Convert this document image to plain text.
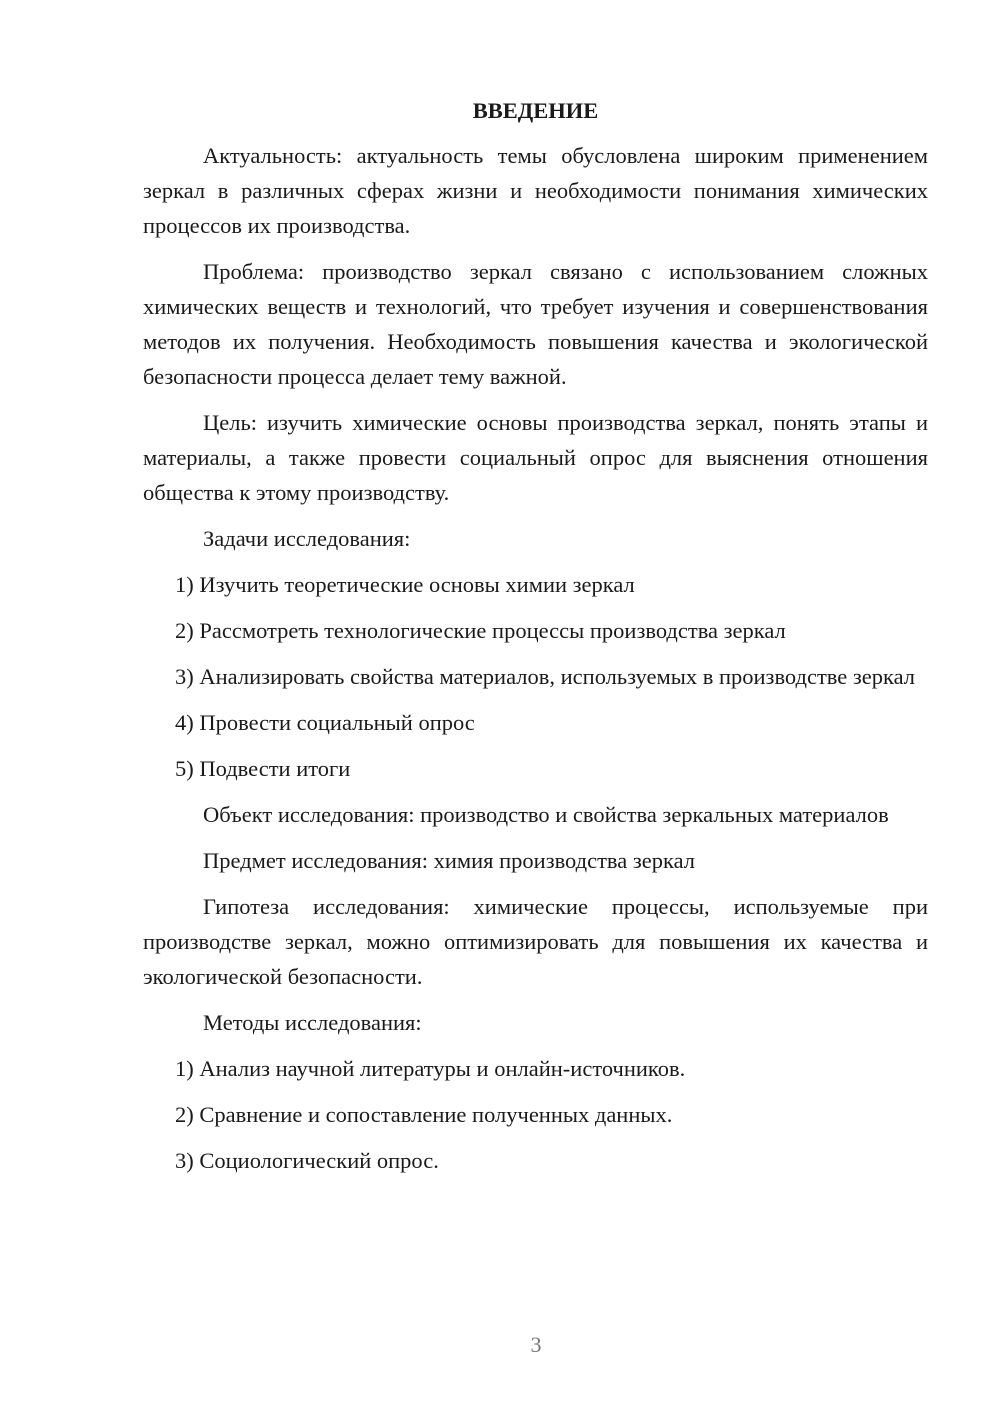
ВВЕДЕНИЕ

Актуальность: актуальность темы обусловлена широким применением зеркал в различных сферах жизни и необходимости понимания химических процессов их производства.

Проблема: производство зеркал связано с использованием сложных химических веществ и технологий, что требует изучения и совершенствования методов их получения. Необходимость повышения качества и экологической безопасности процесса делает тему важной.

Цель: изучить химические основы производства зеркал, понять этапы и материалы, а также провести социальный опрос для выяснения отношения общества к этому производству.

Задачи исследования:

1) Изучить теоретические основы химии зеркал

2) Рассмотреть технологические процессы производства зеркал

3) Анализировать свойства материалов, используемых в производстве зеркал

4) Провести социальный опрос

5) Подвести итоги

Объект исследования: производство и свойства зеркальных материалов

Предмет исследования: химия производства зеркал

Гипотеза исследования: химические процессы, используемые при производстве зеркал, можно оптимизировать для повышения их качества и экологической безопасности.

Методы исследования:

1) Анализ научной литературы и онлайн-источников.

2) Сравнение и сопоставление полученных данных.

3) Социологический опрос.

3
